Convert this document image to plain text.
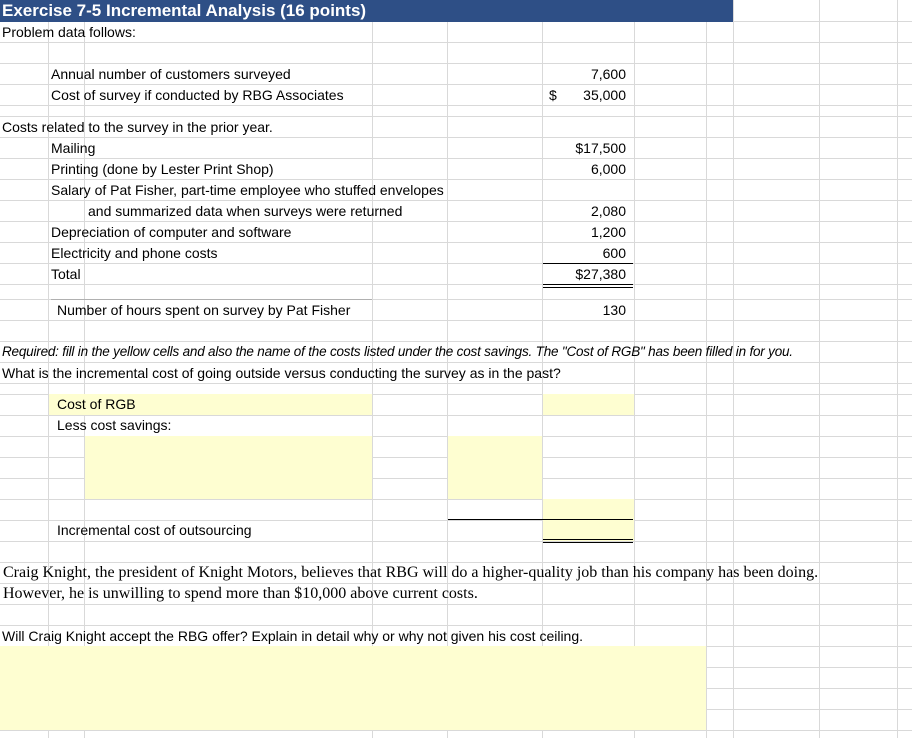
Exercise 7-5 Incremental Analysis (16 points)
Problem data follows:
Annual number of customers surveyed	7,600
Cost of survey if conducted by RBG Associates	$	35,000
Costs related to the survey in the prior year.
Mailing	$17,500
Printing (done by Lester Print Shop)	6,000
Salary of Pat Fisher, part-time employee who stuffed envelopes
and summarized data when surveys were returned	2,080
Depreciation of computer and software	1,200
Electricity and phone costs	600
Total	$27,380
Number of hours spent on survey by Pat Fisher	130
Required: fill in the yellow cells and also the name of the costs listed under the cost savings. The "Cost of RGB" has been filled in for you.
What is the incremental cost of going outside versus conducting the survey as in the past?
Cost of RGB
Less cost savings:
Incremental cost of outsourcing
Craig Knight, the president of Knight Motors, believes that RBG will do a higher-quality job than his company has been doing.
However, he is unwilling to spend more than $10,000 above current costs.
Will Craig Knight accept the RBG offer? Explain in detail why or why not given his cost ceiling.
